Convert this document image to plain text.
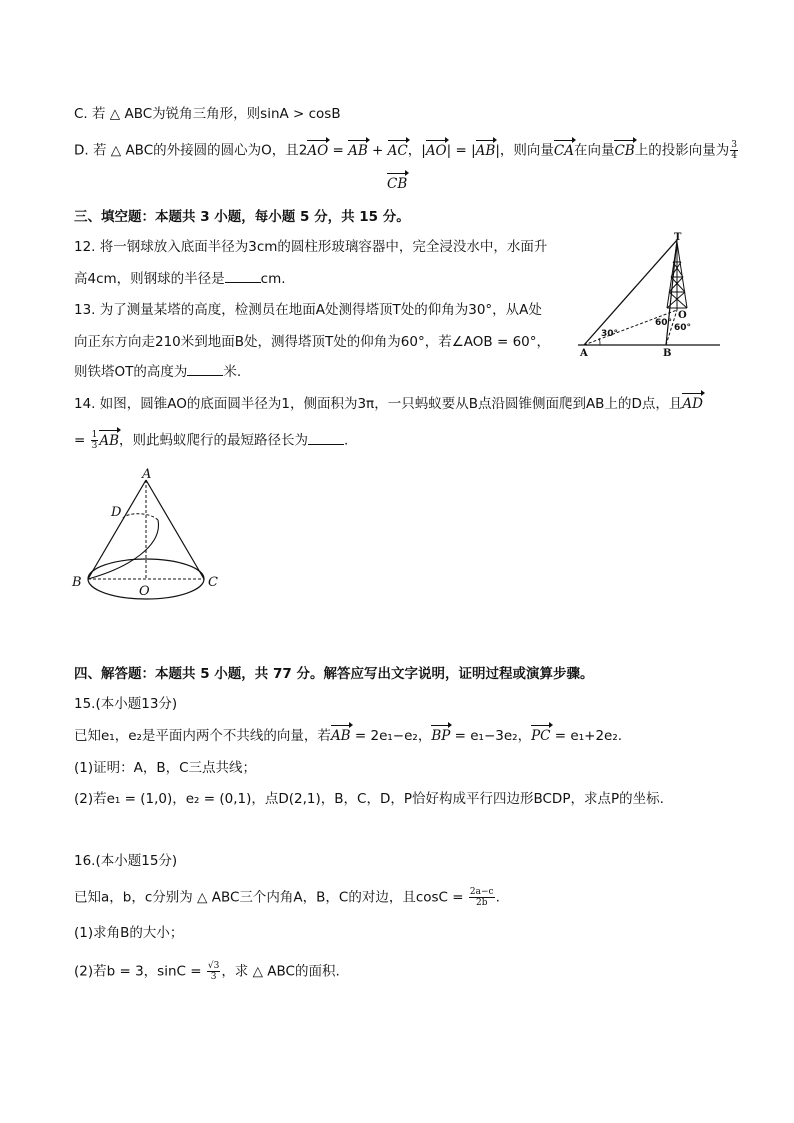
C. 若 △ ABC为锐角三角形，则sinA > cosB
D. 若 △ ABC的外接圆的圆心为O，且2AO = AB + AC，|AO| = |AB|，则向量CA在向量CB上的投影向量为 $\frac{3}{4}$
CB
三、填空题：本题共 3 小题，每小题 5 分，共 15 分。
12. 将一钢球放入底面半径为3cm的圆柱形玻璃容器中，完全浸没水中，水面升
高4cm，则钢球的半径是	cm.
13. 为了测量某塔的高度，检测员在地面A处测得塔顶T处的仰角为30°，从A处
向正东方向走210米到地面B处，测得塔顶T处的仰角为60°，若∠AOB = 60°，
则铁塔OT的高度为	米.
30°
60° 60°
T
O
A	B
14. 如图，圆锥AO的底面圆半径为1，侧面积为3π，一只蚂蚁要从B点沿圆锥侧面爬到AB上的D点，且AD
= $\frac{1}{3}$ AB，则此蚂蚁爬行的最短路径长为	.
A
D
B	C
O
四、解答题：本题共 5 小题，共 77 分。解答应写出文字说明，证明过程或演算步骤。
15.(本小题13分)
已知e₁，e₂是平面内两个不共线的向量，若AB = 2e₁−e₂，BP = e₁−3e₂，PC = e₁+2e₂.
(1)证明：A，B，C三点共线；
(2)若e₁ = (1,0)，e₂ = (0,1)，点D(2,1)，B，C，D，P恰好构成平行四边形BCDP，求点P的坐标.
16.(本小题15分)
已知a，b，c分别为 △ ABC三个内角A，B，C的对边，且$\cos C = \frac{2a-c}{2b}$ .
(1)求角B的大小；
(2)若b = 3，$\sin C = \frac{√3}{3}$ ，求 △ ABC的面积.
